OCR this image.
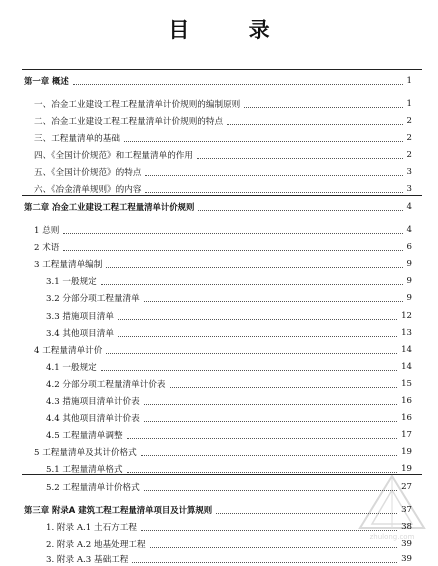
目 录
zhulong.com
第一章 概述	1
一、冶金工业建设工程工程量清单计价规则的编制原则	1
二、冶金工业建设工程工程量清单计价规则的特点	2
三、工程量清单的基础	2
四、《全国计价规范》和工程量清单的作用	2
五、《全国计价规范》的特点	3
六、《冶金清单规则》的内容	3
第二章 冶金工业建设工程工程量清单计价规则	4
1 总则	4
2 术语	6
3 工程量清单编制	9
3.1 一般规定	9
3.2 分部分项工程量清单	9
3.3 措施项目清单	12
3.4 其他项目清单	13
4 工程量清单计价	14
4.1 一般规定	14
4.2 分部分项工程量清单计价表	15
4.3 措施项目清单计价表	16
4.4 其他项目清单计价表	16
4.5 工程量清单调整	17
5 工程量清单及其计价格式	19
5.1 工程量清单格式	19
5.2 工程量清单计价格式	27
第三章 附录A 建筑工程工程量清单项目及计算规则	37
1. 附录 A.1 土石方工程	38
2. 附录 A.2 地基处理工程	39
3. 附录 A.3 基础工程	39
